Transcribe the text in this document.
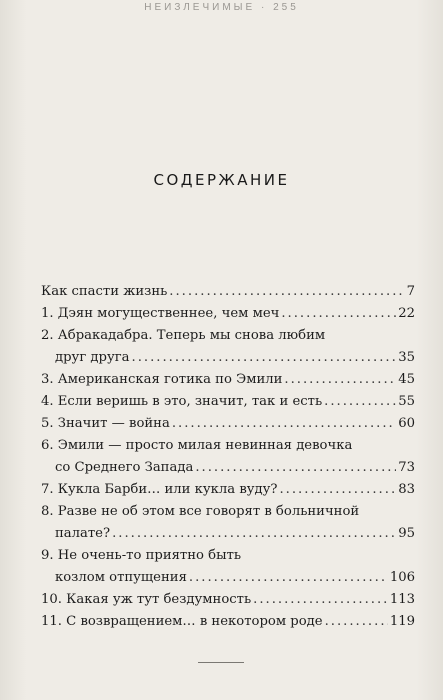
НЕИЗЛЕЧИМЫЕ · 255
СОДЕРЖАНИЕ
Как спасти жизнь .....	7
1. Дэян могущественнее, чем меч .....	22
2. Абракадабра. Теперь мы снова любим
друг друга .....	35
3. Американская готика по Эмили .....	45
4. Если веришь в это, значит, так и есть .....	55
5. Значит — война .....	60
6. Эмили — просто милая невинная девочка
со Среднего Запада .....	73
7. Кукла Барби… или кукла вуду? .....	83
8. Разве не об этом все говорят в больничной
палате? .....	95
9. Не очень-то приятно быть
козлом отпущения .....	106
10. Какая уж тут бездумность .....	113
11. С возвращением… в некотором роде .....	119
